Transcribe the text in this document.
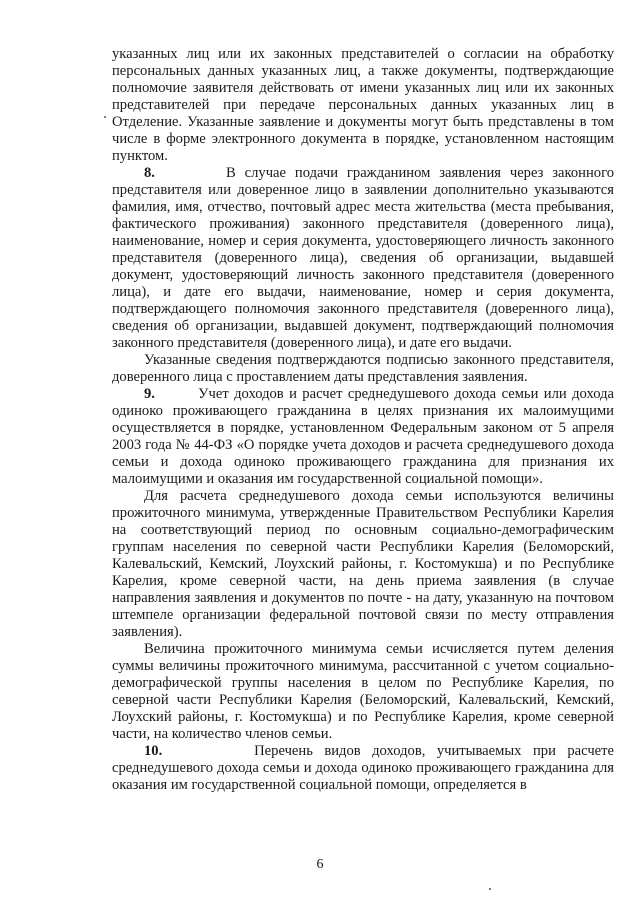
указанных лиц или их законных представителей о согласии на обработку персональных данных указанных лиц, а также документы, подтверждающие полномочие заявителя действовать от имени указанных лиц или их законных представителей при передаче персональных данных указанных лиц в Отделение. Указанные заявление и документы могут быть представлены в том числе в форме электронного документа в порядке, установленном настоящим пунктом.

8.	В случае подачи гражданином заявления через законного представителя или доверенное лицо в заявлении дополнительно указываются фамилия, имя, отчество, почтовый адрес места жительства (места пребывания, фактического проживания) законного представителя (доверенного лица), наименование, номер и серия документа, удостоверяющего личность законного представителя (доверенного лица), сведения об организации, выдавшей документ, удостоверяющий личность законного представителя (доверенного лица), и дате его выдачи, наименование, номер и серия документа, подтверждающего полномочия законного представителя (доверенного лица), сведения об организации, выдавшей документ, подтверждающий полномочия законного представителя (доверенного лица), и дате его выдачи.

Указанные сведения подтверждаются подписью законного представителя, доверенного лица с проставлением даты представления заявления.

9.	Учет доходов и расчет среднедушевого дохода семьи или дохода одиноко проживающего гражданина в целях признания их малоимущими осуществляется в порядке, установленном Федеральным законом от 5 апреля 2003 года № 44-ФЗ «О порядке учета доходов и расчета среднедушевого дохода семьи и дохода одиноко проживающего гражданина для признания их малоимущими и оказания им государственной социальной помощи».

Для расчета среднедушевого дохода семьи используются величины прожиточного минимума, утвержденные Правительством Республики Карелия на соответствующий период по основным социально-демографическим группам населения по северной части Республики Карелия (Беломорский, Калевальский, Кемский, Лоухский районы, г. Костомукша) и по Республике Карелия, кроме северной части, на день приема заявления (в случае направления заявления и документов по почте - на дату, указанную на почтовом штемпеле организации федеральной почтовой связи по месту отправления заявления).

Величина прожиточного минимума семьи исчисляется путем деления суммы величины прожиточного минимума, рассчитанной с учетом социально-демографической группы населения в целом по Республике Карелия, по северной части Республики Карелия (Беломорский, Калевальский, Кемский, Лоухский районы, г. Костомукша) и по Республике Карелия, кроме северной части, на количество членов семьи.

10.	Перечень видов доходов, учитываемых при расчете среднедушевого дохода семьи и дохода одиноко проживающего гражданина для оказания им государственной социальной помощи, определяется в

6
